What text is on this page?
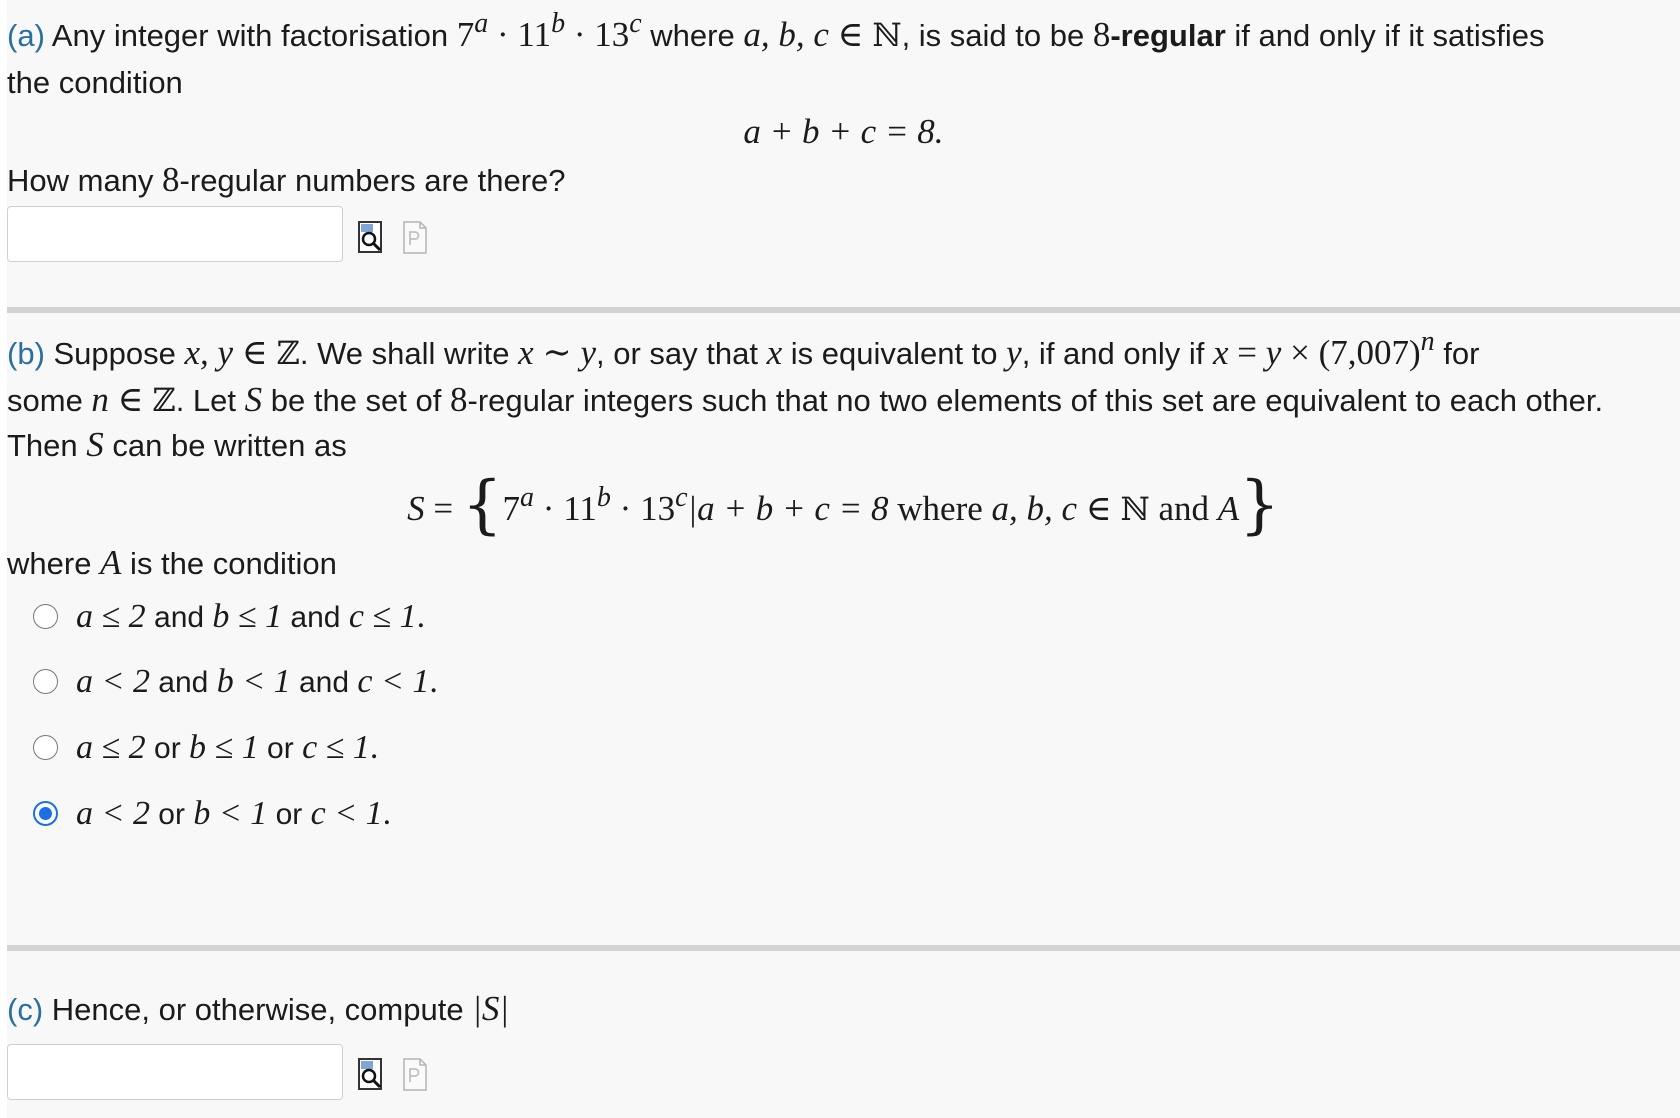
(a) Any integer with factorisation $7^a \cdot 11^b \cdot 13^c$ where a, b, c ∈ ℕ, is said to be 8-regular if and only if it satisfies
the condition
a + b + c = 8.
How many 8-regular numbers are there?
(b) Suppose x, y ∈ ℤ. We shall write x ∼ y, or say that x is equivalent to y, if and only if $x = y \times (7,007)^n$ for
some n ∈ ℤ. Let S be the set of 8-regular integers such that no two elements of this set are equivalent to each other.
Then S can be written as
$S = \{7^a \cdot 11^b \cdot 13^c|a + b + c = 8$ where a, b, c ∈ ℕ and A}
where A is the condition
a ≤ 2 and b ≤ 1 and c ≤ 1.
a < 2 and b < 1 and c < 1.
a ≤ 2 or b ≤ 1 or c ≤ 1.
a < 2 or b < 1 or c < 1.
(c) Hence, or otherwise, compute |S|
